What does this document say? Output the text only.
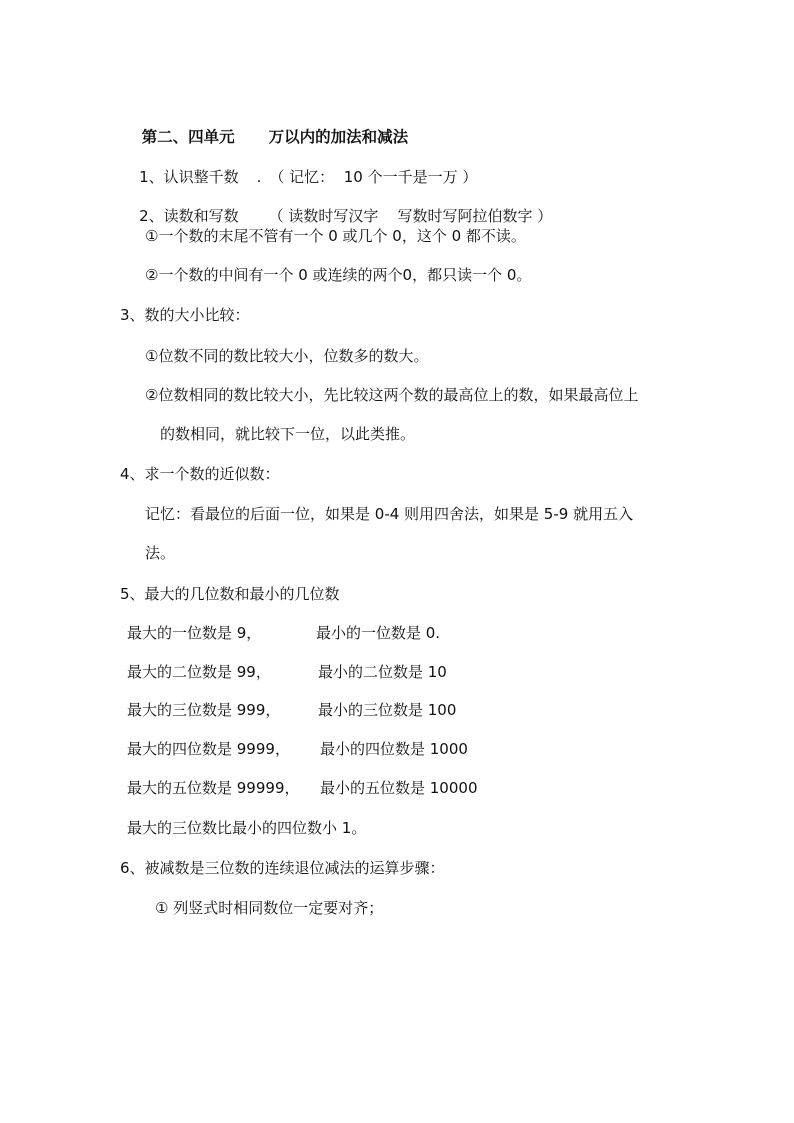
第二、四单元 万以内的加法和减法

1、认识整千数 . （ 记忆：  10 个一千是一万 ）

2、读数和写数 （ 读数时写汉字    写数时写阿拉伯数字 ）

①一个数的末尾不管有一个 0 或几个 0，这个 0 都不读。
②一个数的中间有一个 0 或连续的两个0，都只读一个 0。
3、数的大小比较：
①位数不同的数比较大小，位数多的数大。
②位数相同的数比较大小，先比较这两个数的最高位上的数，如果最高位上
的数相同，就比较下一位，以此类推。
4、求一个数的近似数：
记忆：看最位的后面一位，如果是 0-4 则用四舍法，如果是 5-9 就用五入
法。
5、最大的几位数和最小的几位数
最大的一位数是 9，	最小的一位数是 0.
最大的二位数是 99，	最小的二位数是 10
最大的三位数是 999，	最小的三位数是 100
最大的四位数是 9999， 最小的四位数是 1000
最大的五位数是 99999， 最小的五位数是 10000
最大的三位数比最小的四位数小 1。
6、被减数是三位数的连续退位减法的运算步骤：
① 列竖式时相同数位一定要对齐；
